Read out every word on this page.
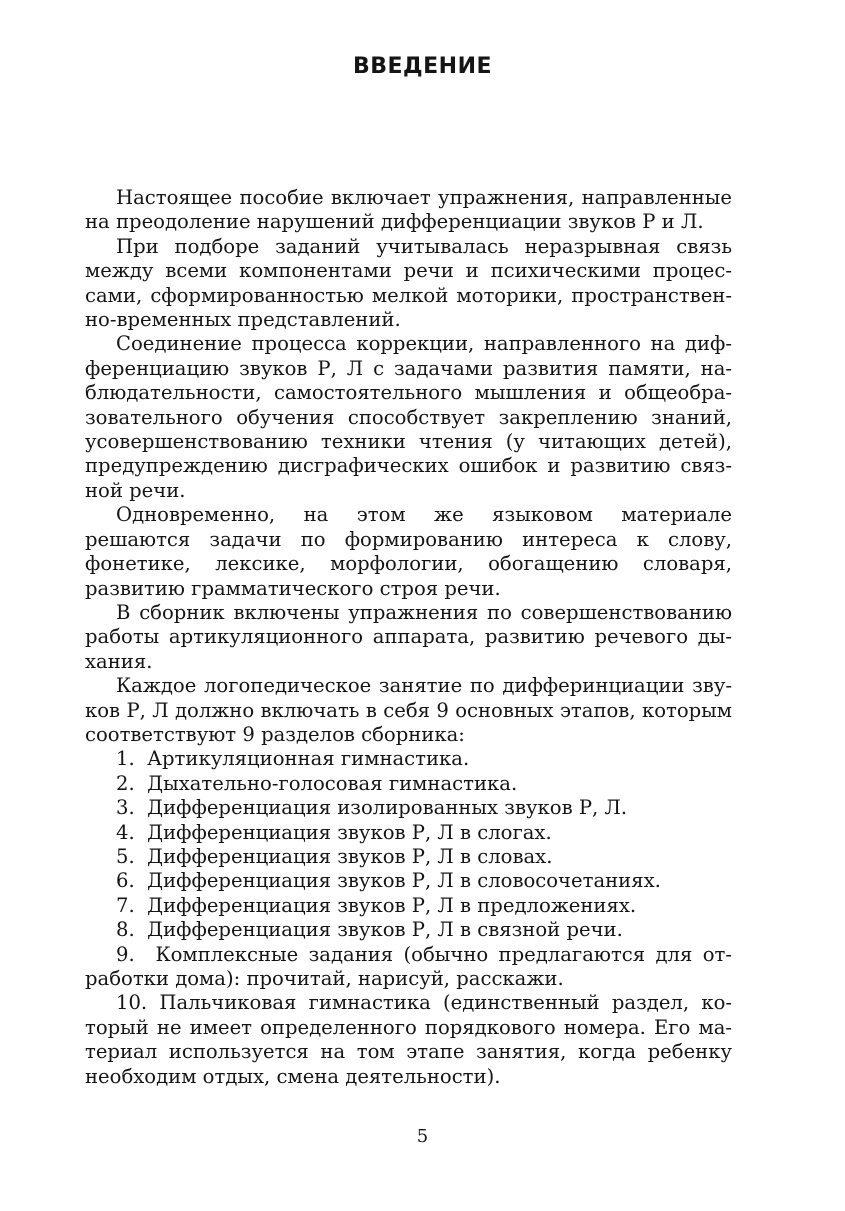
ВВЕДЕНИЕ

Настоящее пособие включает упражнения, направленные на преодоление нарушений дифференциации звуков Р и Л.

При подборе заданий учитывалась неразрывная связь между всеми компонентами речи и психическими процессами, сформированностью мелкой моторики, пространственно-временных представлений.

Соединение процесса коррекции, направленного на дифференциацию звуков Р, Л с задачами развития памяти, наблюдательности, самостоятельного мышления и общеобразовательного обучения способствует закреплению знаний, усовершенствованию техники чтения (у читающих детей), предупреждению дисграфических ошибок и развитию связной речи.

Одновременно, на этом же языковом материале решаются задачи по формированию интереса к слову, фонетике, лексике, морфологии, обогащению словаря, развитию грамматического строя речи.

В сборник включены упражнения по совершенствованию работы артикуляционного аппарата, развитию речевого дыхания.

Каждое логопедическое занятие по дифферинциации звуков Р, Л должно включать в себя 9 основных этапов, которым соответствуют 9 разделов сборника:

1. Артикуляционная гимнастика.

2. Дыхательно-голосовая гимнастика.

3. Дифференциация изолированных звуков Р, Л.

4. Дифференциация звуков Р, Л в слогах.

5. Дифференциация звуков Р, Л в словах.

6. Дифференциация звуков Р, Л в словосочетаниях.

7. Дифференциация звуков Р, Л в предложениях.

8. Дифференциация звуков Р, Л в связной речи.

9. Комплексные задания (обычно предлагаются для отработки дома): прочитай, нарисуй, расскажи.

10. Пальчиковая гимнастика (единственный раздел, который не имеет определенного порядкового номера. Его материал используется на том этапе занятия, когда ребенку необходим отдых, смена деятельности).

5
